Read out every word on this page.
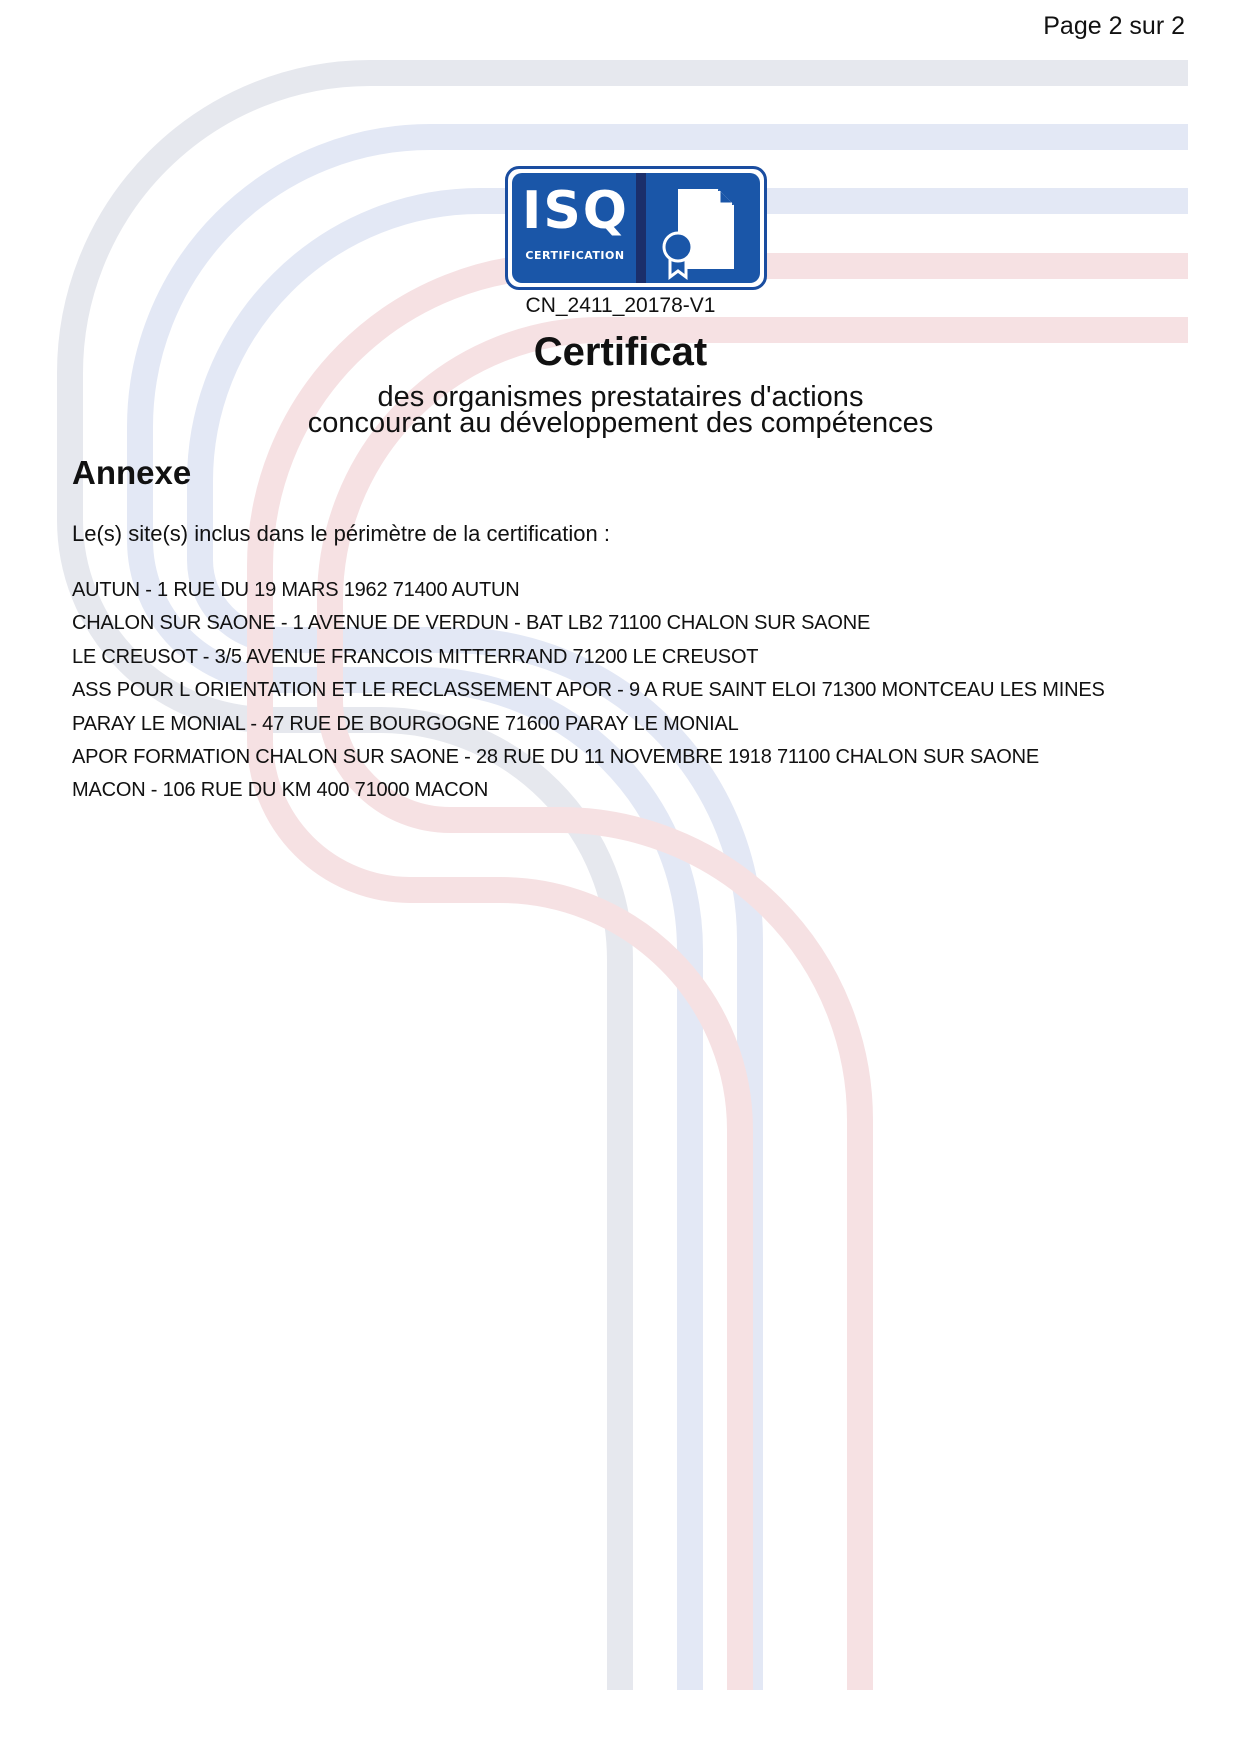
Page 2 sur 2
ISQ
CERTIFICATION
CN_2411_20178-V1
Certificat
des organismes prestataires d'actions
concourant au développement des compétences
Annexe
Le(s) site(s) inclus dans le périmètre de la certification :
AUTUN - 1 RUE DU 19 MARS 1962 71400 AUTUN
CHALON SUR SAONE - 1 AVENUE DE VERDUN - BAT LB2 71100 CHALON SUR SAONE
LE CREUSOT - 3/5 AVENUE FRANCOIS MITTERRAND 71200 LE CREUSOT
ASS POUR L ORIENTATION ET LE RECLASSEMENT APOR - 9 A RUE SAINT ELOI 71300 MONTCEAU LES MINES
PARAY LE MONIAL - 47 RUE DE BOURGOGNE 71600 PARAY LE MONIAL
APOR FORMATION CHALON SUR SAONE - 28 RUE DU 11 NOVEMBRE 1918 71100 CHALON SUR SAONE
MACON - 106 RUE DU KM 400 71000 MACON
